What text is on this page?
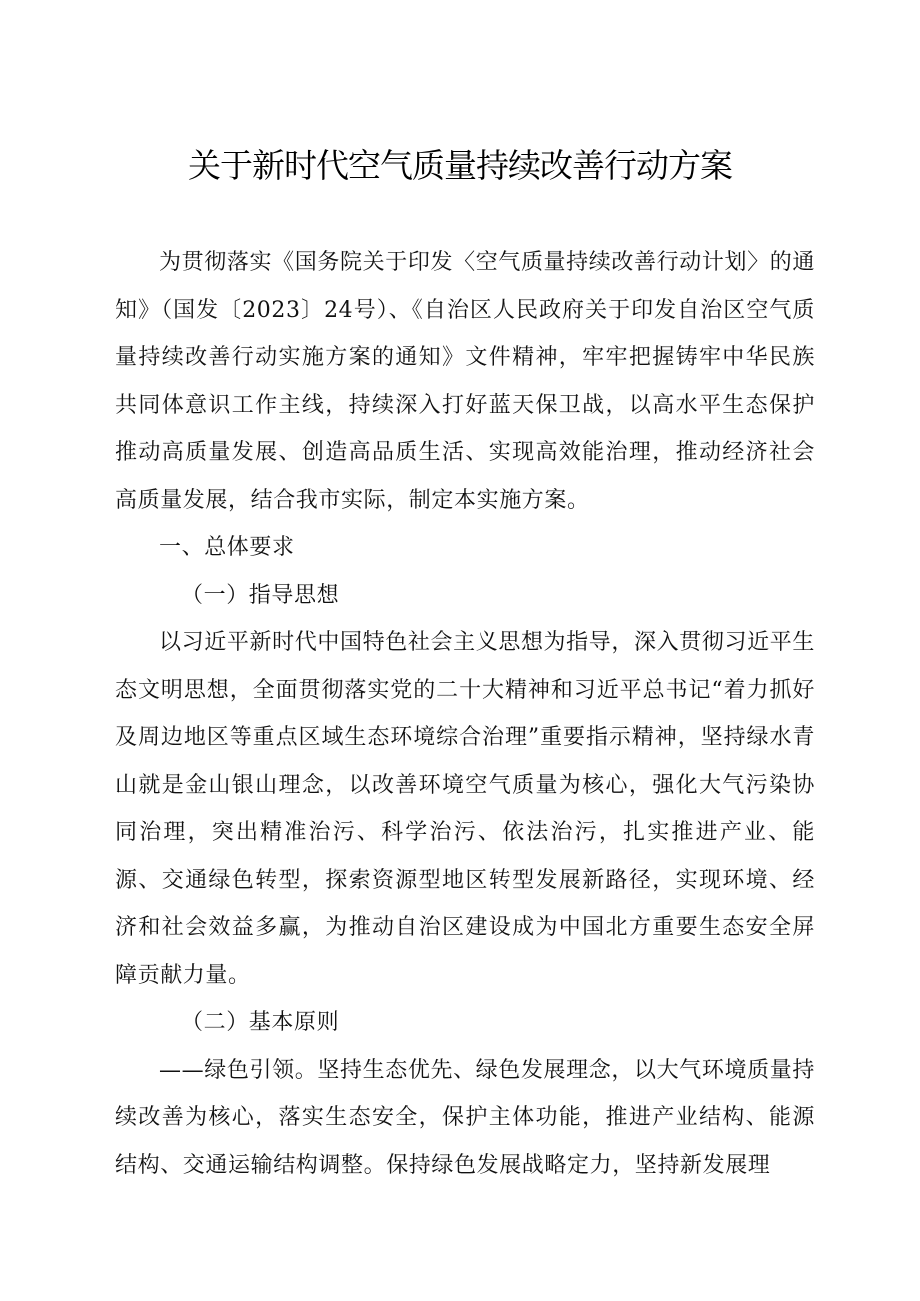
关于新时代空气质量持续改善行动方案

为贯彻落实《国务院关于印发〈空气质量持续改善行动计划〉的通知》（国发〔2023〕24号）、《自治区人民政府关于印发自治区空气质量持续改善行动实施方案的通知》文件精神，牢牢把握铸牢中华民族共同体意识工作主线，持续深入打好蓝天保卫战，以高水平生态保护推动高质量发展、创造高品质生活、实现高效能治理，推动经济社会高质量发展，结合我市实际，制定本实施方案。

一、总体要求

（一）指导思想

以习近平新时代中国特色社会主义思想为指导，深入贯彻习近平生态文明思想，全面贯彻落实党的二十大精神和习近平总书记“着力抓好及周边地区等重点区域生态环境综合治理”重要指示精神，坚持绿水青山就是金山银山理念，以改善环境空气质量为核心，强化大气污染协同治理，突出精准治污、科学治污、依法治污，扎实推进产业、能源、交通绿色转型，探索资源型地区转型发展新路径，实现环境、经济和社会效益多赢，为推动自治区建设成为中国北方重要生态安全屏障贡献力量。

（二）基本原则

——绿色引领。坚持生态优先、绿色发展理念，以大气环境质量持续改善为核心，落实生态安全，保护主体功能，推进产业结构、能源结构、交通运输结构调整。保持绿色发展战略定力，坚持新发展理
